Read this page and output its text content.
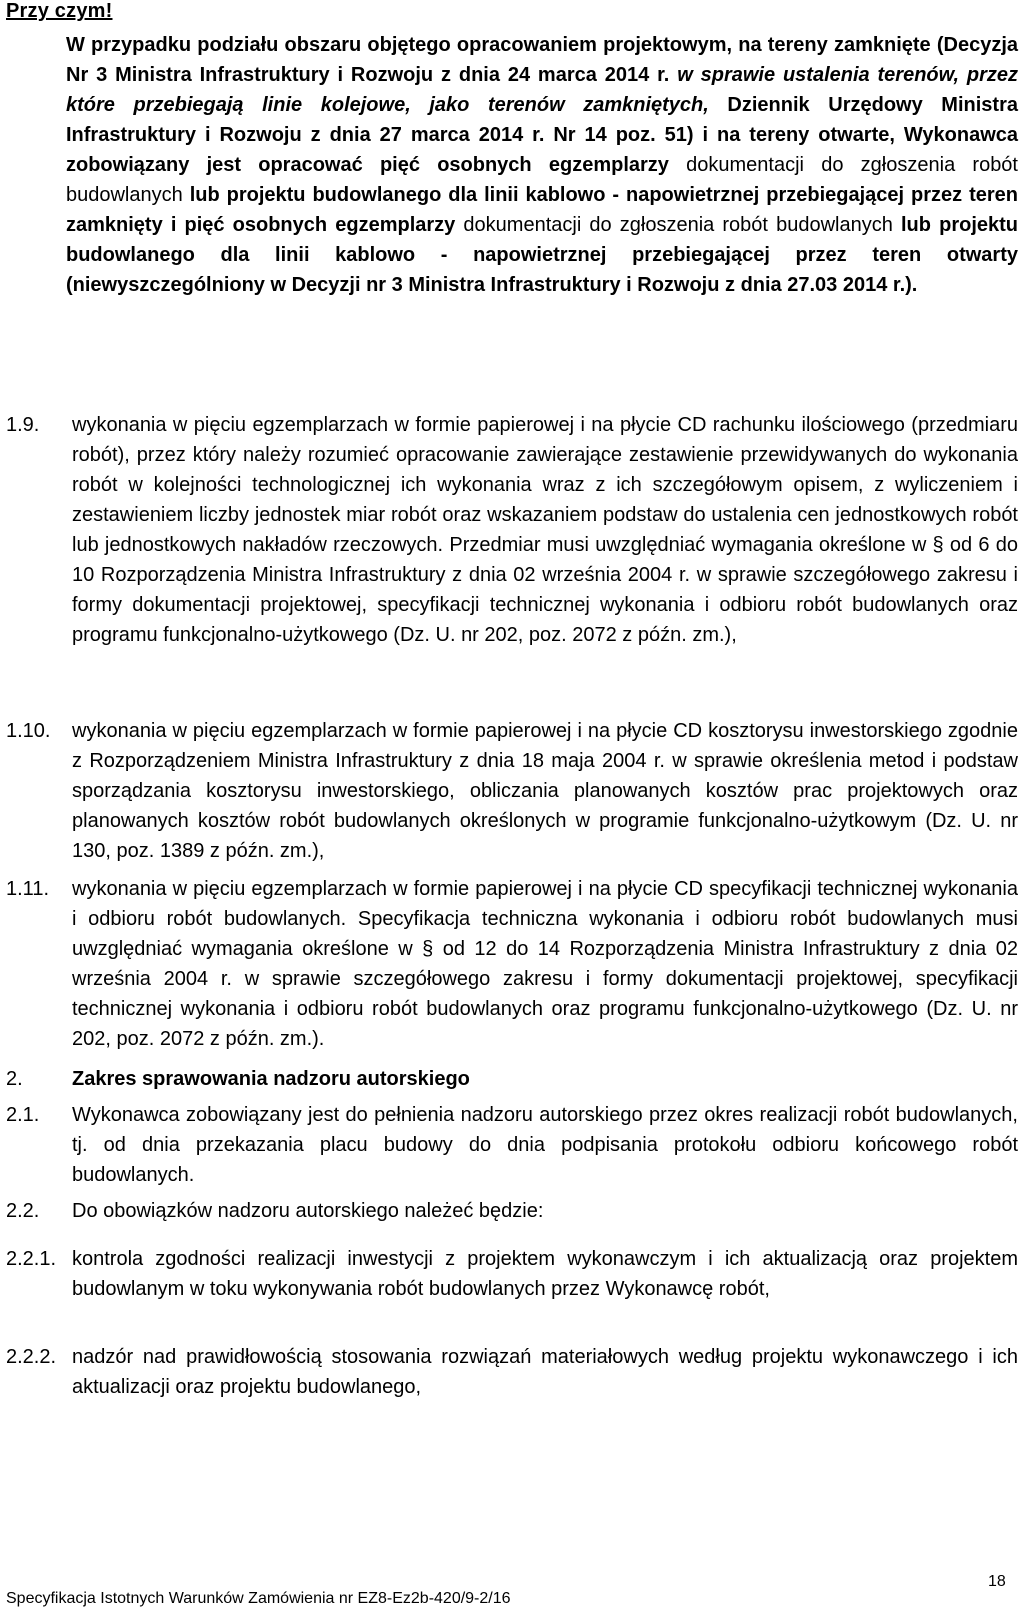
Przy czym!
W przypadku podziału obszaru objętego opracowaniem projektowym, na tereny zamknięte (Decyzja Nr 3 Ministra Infrastruktury i Rozwoju z dnia 24 marca 2014 r. w sprawie ustalenia terenów, przez które przebiegają linie kolejowe, jako terenów zamkniętych, Dziennik Urzędowy Ministra Infrastruktury i Rozwoju z dnia 27 marca 2014 r. Nr 14 poz. 51) i na tereny otwarte, Wykonawca zobowiązany jest opracować pięć osobnych egzemplarzy dokumentacji do zgłoszenia robót budowlanych lub projektu budowlanego dla linii kablowo - napowietrznej przebiegającej przez teren zamknięty i pięć osobnych egzemplarzy dokumentacji do zgłoszenia robót budowlanych lub projektu budowlanego dla linii kablowo - napowietrznej przebiegającej przez teren otwarty (niewyszczególniony w Decyzji nr 3 Ministra Infrastruktury i Rozwoju z dnia 27.03 2014 r.).
1.9.	wykonania w pięciu egzemplarzach w formie papierowej i na płycie CD rachunku ilościowego (przedmiaru robót), przez który należy rozumieć opracowanie zawierające zestawienie przewidywanych do wykonania robót w kolejności technologicznej ich wykonania wraz z ich szczegółowym opisem, z wyliczeniem i zestawieniem liczby jednostek miar robót oraz wskazaniem podstaw do ustalenia cen jednostkowych robót lub jednostkowych nakładów rzeczowych. Przedmiar musi uwzględniać wymagania określone w § od 6 do 10 Rozporządzenia Ministra Infrastruktury z dnia 02 września 2004 r. w sprawie szczegółowego zakresu i formy dokumentacji projektowej, specyfikacji technicznej wykonania i odbioru robót budowlanych oraz programu funkcjonalno-użytkowego (Dz. U. nr 202, poz. 2072 z późn. zm.),
1.10.	wykonania w pięciu egzemplarzach w formie papierowej i na płycie CD kosztorysu inwestorskiego zgodnie z Rozporządzeniem Ministra Infrastruktury z dnia 18 maja 2004 r. w sprawie określenia metod i podstaw sporządzania kosztorysu inwestorskiego, obliczania planowanych kosztów prac projektowych oraz planowanych kosztów robót budowlanych określonych w programie funkcjonalno-użytkowym (Dz. U. nr 130, poz. 1389 z późn. zm.),
1.11.	wykonania w pięciu egzemplarzach w formie papierowej i na płycie CD specyfikacji technicznej wykonania i odbioru robót budowlanych. Specyfikacja techniczna wykonania i odbioru robót budowlanych musi uwzględniać wymagania określone w § od 12 do 14 Rozporządzenia Ministra Infrastruktury z dnia 02 września 2004 r. w sprawie szczegółowego zakresu i formy dokumentacji projektowej, specyfikacji technicznej wykonania i odbioru robót budowlanych oraz programu funkcjonalno-użytkowego (Dz. U. nr 202, poz. 2072 z późn. zm.).
2.	Zakres sprawowania nadzoru autorskiego
2.1.	Wykonawca zobowiązany jest do pełnienia nadzoru autorskiego przez okres realizacji robót budowlanych, tj. od dnia przekazania placu budowy do dnia podpisania protokołu odbioru końcowego robót budowlanych.
2.2.	Do obowiązków nadzoru autorskiego należeć będzie:
2.2.1. kontrola zgodności realizacji inwestycji z projektem wykonawczym i ich aktualizacją oraz projektem budowlanym w toku wykonywania robót budowlanych przez Wykonawcę robót,
2.2.2. nadzór nad prawidłowością stosowania rozwiązań materiałowych według projektu wykonawczego i ich aktualizacji oraz projektu budowlanego,
18
Specyfikacja Istotnych Warunków Zamówienia nr EZ8-Ez2b-420/9-2/16
